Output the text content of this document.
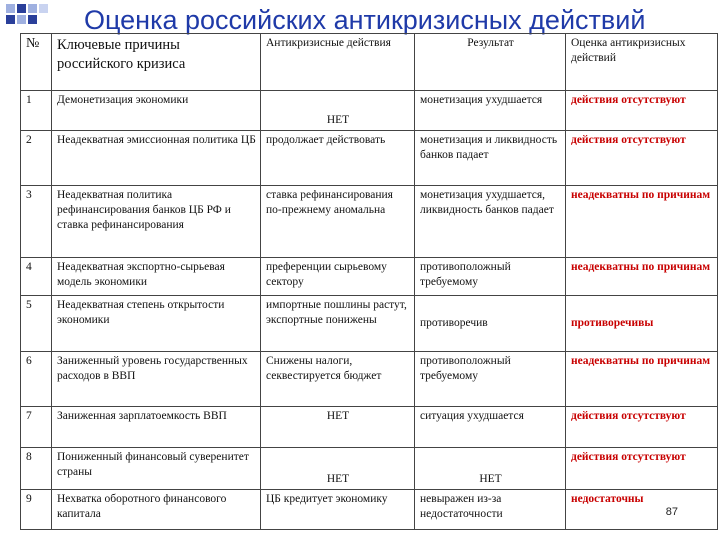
Оценка российских антикризисных действий
№	Ключевые причины российского кризиса	Антикризисные действия	Результат	Оценка антикризисных действий
1	Демонетизация экономики	НЕТ	монетизация ухудшается	действия отсутствуют
2	Неадекватная эмиссионная политика ЦБ	продолжает действовать	монетизация и ликвидность банков падает	действия отсутствуют
3	Неадекватная политика рефинансирования банков ЦБ РФ и ставка рефинансирования	ставка рефинансирования по-прежнему аномальна	монетизация ухудшается, ликвидность банков падает	неадекватны по причинам
4	Неадекватная экспортно-сырьевая модель экономики	преференции сырьевому сектору	противоположный требуемому	неадекватны по причинам
5	Неадекватная степень открытости экономики	импортные пошлины растут, экспортные понижены	противоречив	противоречивы
6	Заниженный уровень государственных расходов в ВВП	Снижены налоги, секвестируется бюджет	противоположный требуемому	неадекватны по причинам
7	Заниженная зарплатоемкость ВВП	НЕТ	ситуация ухудшается	действия отсутствуют
8	Пониженный финансовый суверенитет страны	НЕТ	НЕТ	действия отсутствуют
9	Нехватка оборотного финансового капитала	ЦБ кредитует экономику	невыражен из-за недостаточности	недостаточны
87
